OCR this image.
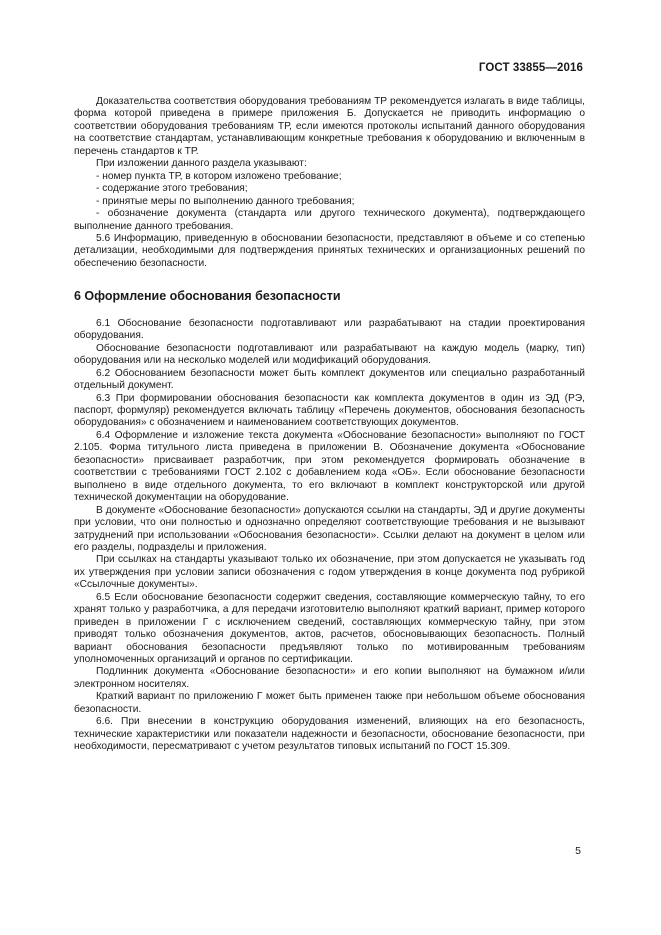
ГОСТ 33855—2016

Доказательства соответствия оборудования требованиям ТР рекомендуется излагать в виде таблицы, форма которой приведена в примере приложения Б. Допускается не приводить информацию о соответствии оборудования требованиям ТР, если имеются протоколы испытаний данного оборудования на соответствие стандартам, устанавливающим конкретные требования к оборудованию и включенным в перечень стандартов к ТР.

При изложении данного раздела указывают:

- номер пункта ТР, в котором изложено требование;

- содержание этого требования;

- принятые меры по выполнению данного требования;

- обозначение документа (стандарта или другого технического документа), подтверждающего выполнение данного требования.

5.6 Информацию, приведенную в обосновании безопасности, представляют в объеме и со степенью детализации, необходимыми для подтверждения принятых технических и организационных решений по обеспечению безопасности.

6 Оформление обоснования безопасности

6.1 Обоснование безопасности подготавливают или разрабатывают на стадии проектирования оборудования.

Обоснование безопасности подготавливают или разрабатывают на каждую модель (марку, тип) оборудования или на несколько моделей или модификаций оборудования.

6.2 Обоснованием безопасности может быть комплект документов или специально разработанный отдельный документ.

6.3 При формировании обоснования безопасности как комплекта документов в один из ЭД (РЭ, паспорт, формуляр) рекомендуется включать таблицу «Перечень документов, обоснования безопасность оборудования» с обозначением и наименованием соответствующих документов.

6.4 Оформление и изложение текста документа «Обоснование безопасности» выполняют по ГОСТ 2.105. Форма титульного листа приведена в приложении В. Обозначение документа «Обоснование безопасности» присваивает разработчик, при этом рекомендуется формировать обозначение в соответствии с требованиями ГОСТ 2.102 с добавлением кода «ОБ». Если обоснование безопасности выполнено в виде отдельного документа, то его включают в комплект конструкторской или другой технической документации на оборудование.

В документе «Обоснование безопасности» допускаются ссылки на стандарты, ЭД и другие документы при условии, что они полностью и однозначно определяют соответствующие требования и не вызывают затруднений при использовании «Обоснования безопасности». Ссылки делают на документ в целом или его разделы, подразделы и приложения.

При ссылках на стандарты указывают только их обозначение, при этом допускается не указывать год их утверждения при условии записи обозначения с годом утверждения в конце документа под рубрикой «Ссылочные документы».

6.5 Если обоснование безопасности содержит сведения, составляющие коммерческую тайну, то его хранят только у разработчика, а для передачи изготовителю выполняют краткий вариант, пример которого приведен в приложении Г с исключением сведений, составляющих коммерческую тайну, при этом приводят только обозначения документов, актов, расчетов, обосновывающих безопасность. Полный вариант обоснования безопасности предъявляют только по мотивированным требованиям уполномоченных организаций и органов по сертификации.

Подлинник документа «Обоснование безопасности» и его копии выполняют на бумажном и/или электронном носителях.

Краткий вариант по приложению Г может быть применен также при небольшом объеме обоснования безопасности.

6.6. При внесении в конструкцию оборудования изменений, влияющих на его безопасность, технические характеристики или показатели надежности и безопасности, обоснование безопасности, при необходимости, пересматривают с учетом результатов типовых испытаний по ГОСТ 15.309.

5
